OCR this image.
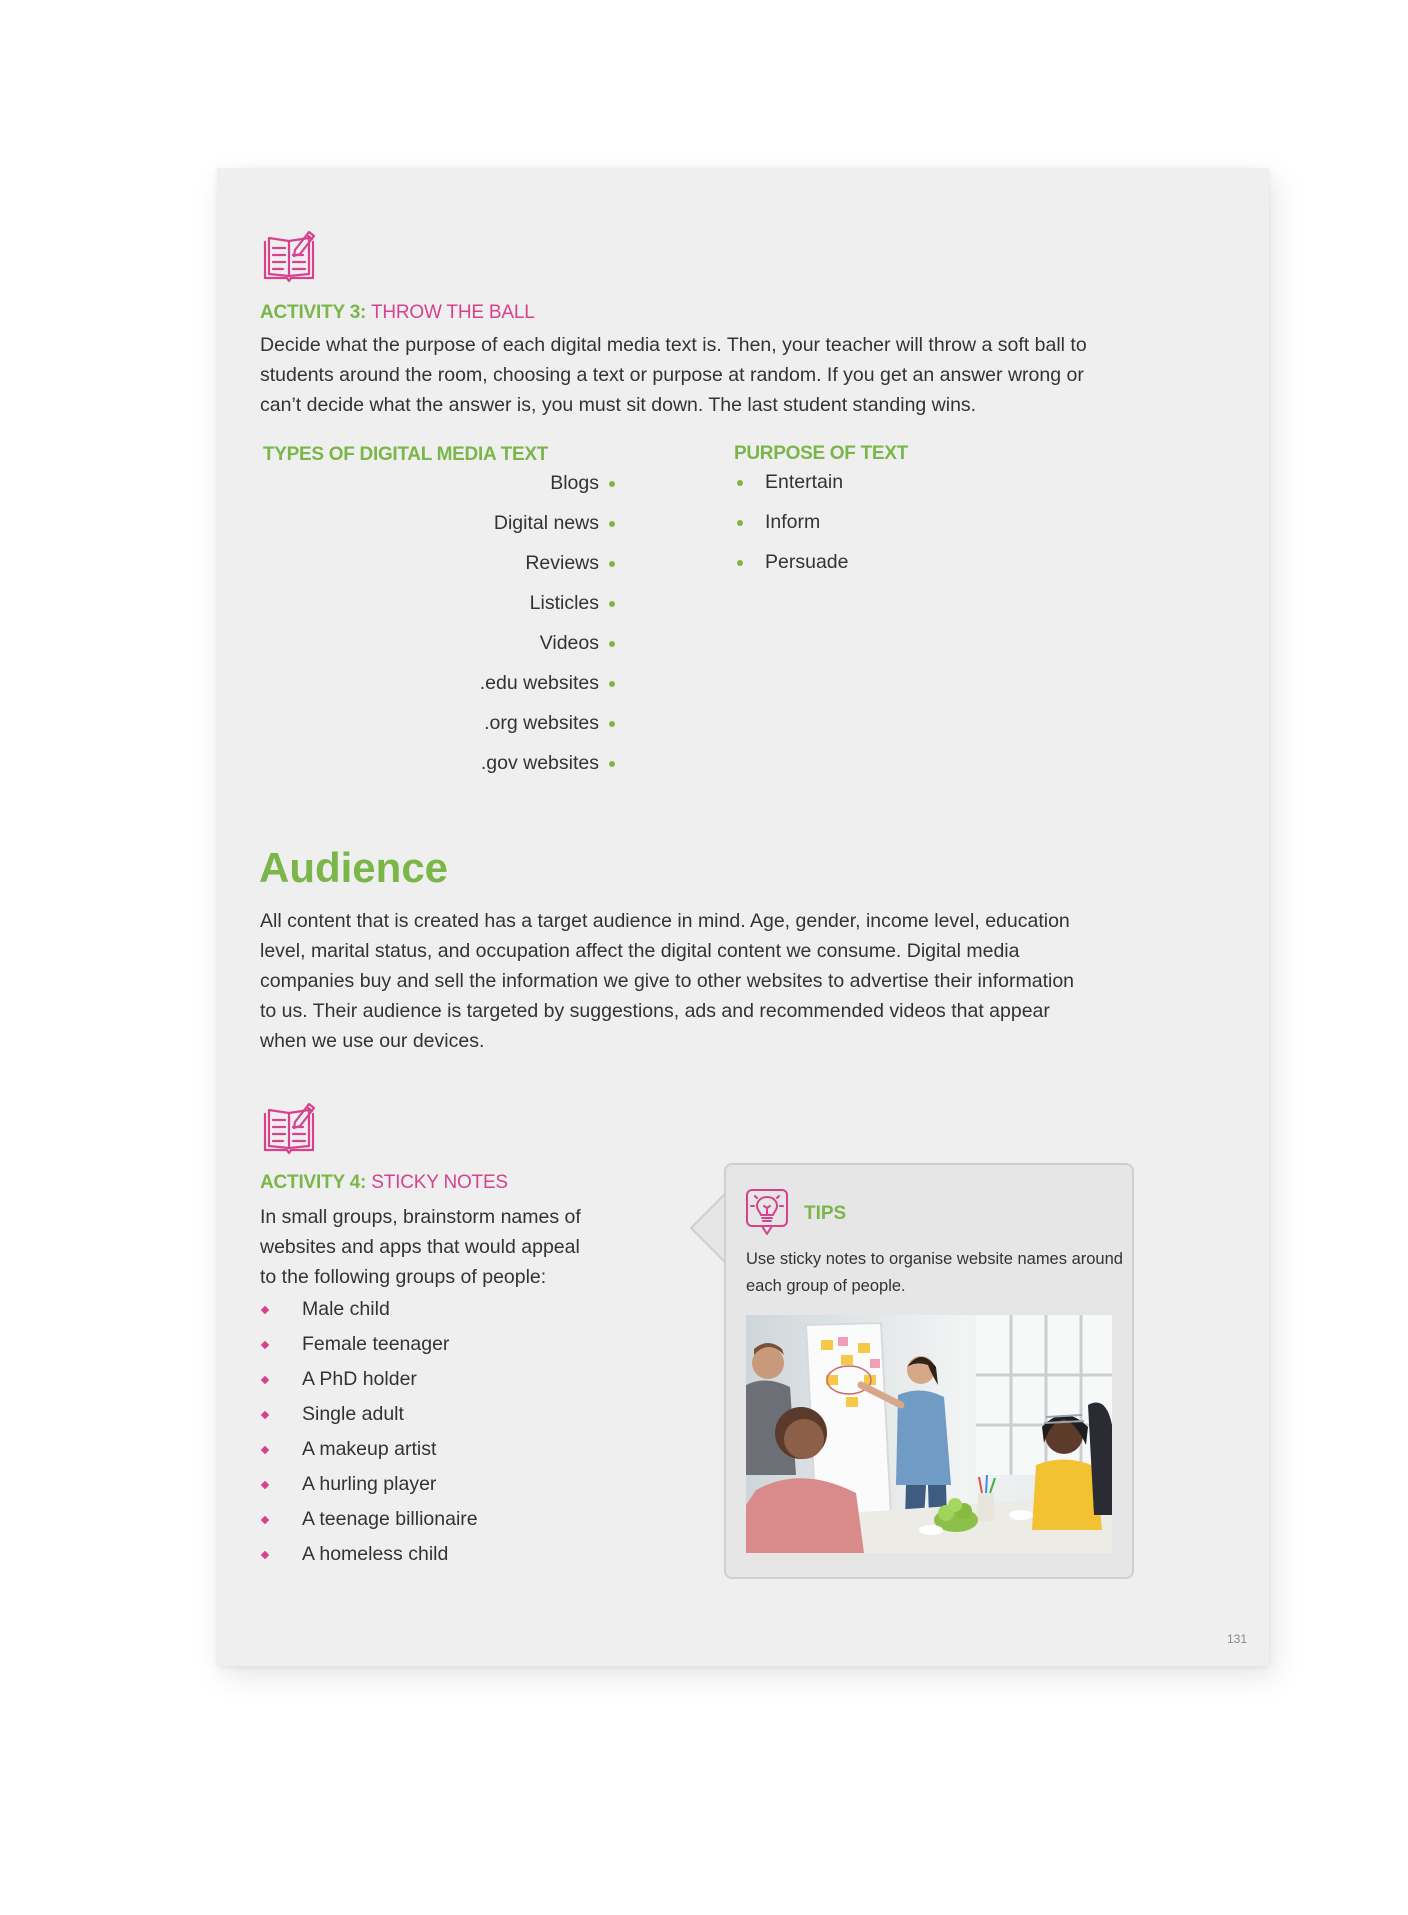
ACTIVITY 3: THROW THE BALL
Decide what the purpose of each digital media text is. Then, your teacher will throw a soft ball to
students around the room, choosing a text or purpose at random. If you get an answer wrong or
can’t decide what the answer is, you must sit down. The last student standing wins.
TYPES OF DIGITAL MEDIA TEXT	PURPOSE OF TEXT
Blogs
Digital news
Reviews
Listicles
Videos
.edu websites
.org websites
.gov websites
Entertain
Inform
Persuade
Audience
All content that is created has a target audience in mind. Age, gender, income level, education
level, marital status, and occupation affect the digital content we consume. Digital media
companies buy and sell the information we give to other websites to advertise their information
to us. Their audience is targeted by suggestions, ads and recommended videos that appear
when we use our devices.
ACTIVITY 4: STICKY NOTES
In small groups, brainstorm names of
websites and apps that would appeal
to the following groups of people:
Male child
Female teenager
A PhD holder
Single adult
A makeup artist
A hurling player
A teenage billionaire
A homeless child
TIPS
Use sticky notes to organise website names around
each group of people.
131
